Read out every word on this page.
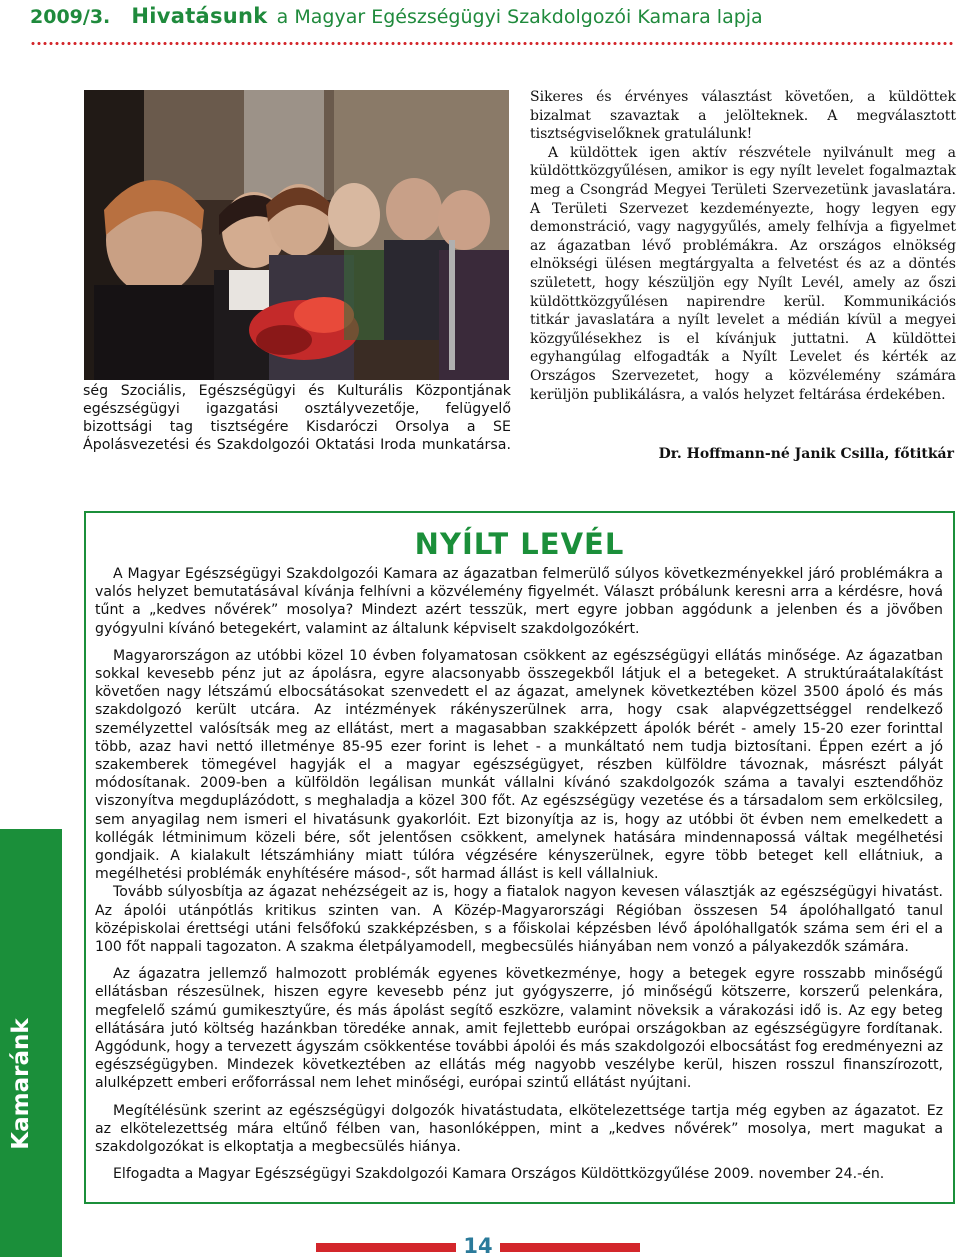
2009/3. Hivatásunk a Magyar Egészségügyi Szakdolgozói Kamara lapja
ség Szociális, Egészségügyi és Kulturális Központjának egészségügyi igazgatási osztályvezetője, felügyelő bizottsági tag tisztségére Kisdaróczi Orsolya a SE Ápolásvezetési és Szakdolgozói Oktatási Iroda munkatársa.

Sikeres és érvényes választást követően, a küldöttek bizalmat szavaztak a jelölteknek. A megválasztott tisztségviselőknek gratulálunk!

A küldöttek igen aktív részvétele nyilvánult meg a küldöttközgyűlésen, amikor is egy nyílt levelet fogalmaztak meg a Csongrád Megyei Területi Szervezetünk javaslatára. A Területi Szervezet kezdeményezte, hogy legyen egy demonstráció, vagy nagygyűlés, amely felhívja a figyelmet az ágazatban lévő problémákra. Az országos elnökség elnökségi ülésen megtárgyalta a felvetést és az a döntés született, hogy készüljön egy Nyílt Levél, amely az őszi küldöttközgyűlésen napirendre kerül. Kommunikációs titkár javaslatára a nyílt levelet a médián kívül a megyei közgyűlésekhez is el kívánjuk juttatni. A küldöttei egyhangúlag elfogadták a Nyílt Levelet és kérték az Országos Szervezetet, hogy a közvélemény számára kerüljön publikálásra, a valós helyzet feltárása érdekében.

Dr. Hoffmann-né Janik Csilla, főtitkár
Kamaránk
NYÍLT LEVÉL

A Magyar Egészségügyi Szakdolgozói Kamara az ágazatban felmerülő súlyos következményekkel járó problémákra a valós helyzet bemutatásával kívánja felhívni a közvélemény figyelmét. Választ próbálunk keresni arra a kérdésre, hová tűnt a „kedves nővérek” mosolya? Mindezt azért tesszük, mert egyre jobban aggódunk a jelenben és a jövőben gyógyulni kívánó betegekért, valamint az általunk képviselt szakdolgozókért.

Magyarországon az utóbbi közel 10 évben folyamatosan csökkent az egészségügyi ellátás minősége. Az ágazatban sokkal kevesebb pénz jut az ápolásra, egyre alacsonyabb összegekből látjuk el a betegeket. A struktúraátalakítást követően nagy létszámú elbocsátásokat szenvedett el az ágazat, amelynek következtében közel 3500 ápoló és más szakdolgozó került utcára. Az intézmények rákényszerülnek arra, hogy csak alapvégzettséggel rendelkező személyzettel valósítsák meg az ellátást, mert a magasabban szakképzett ápolók bérét - amely 15-20 ezer forinttal több, azaz havi nettó illetménye 85-95 ezer forint is lehet - a munkáltató nem tudja biztosítani. Éppen ezért a jó szakemberek tömegével hagyják el a magyar egészségügyet, részben külföldre távoznak, másrészt pályát módosítanak. 2009-ben a külföldön legálisan munkát vállalni kívánó szakdolgozók száma a tavalyi esztendőhöz viszonyítva megduplázódott, s meghaladja a közel 300 főt. Az egészségügy vezetése és a társadalom sem erkölcsileg, sem anyagilag nem ismeri el hivatásunk gyakorlóit. Ezt bizonyítja az is, hogy az utóbbi öt évben nem emelkedett a kollégák létminimum közeli bére, sőt jelentősen csökkent, amelynek hatására mindennapossá váltak megélhetési gondjaik. A kialakult létszámhiány miatt túlóra végzésére kényszerülnek, egyre több beteget kell ellátniuk, a megélhetési problémák enyhítésére másod-, sőt harmad állást is kell vállalniuk.

Tovább súlyosbítja az ágazat nehézségeit az is, hogy a fiatalok nagyon kevesen választják az egészségügyi hivatást. Az ápolói utánpótlás kritikus szinten van. A Közép-Magyarországi Régióban összesen 54 ápolóhallgató tanul középiskolai érettségi utáni felsőfokú szakképzésben, s a főiskolai képzésben lévő ápolóhallgatók száma sem éri el a 100 főt nappali tagozaton. A szakma életpályamodell, megbecsülés hiányában nem vonzó a pályakezdők számára.

Az ágazatra jellemző halmozott problémák egyenes következménye, hogy a betegek egyre rosszabb minőségű ellátásban részesülnek, hiszen egyre kevesebb pénz jut gyógyszerre, jó minőségű kötszerre, korszerű pelenkára, megfelelő számú gumikesztyűre, és más ápolást segítő eszközre, valamint növeksik a várakozási idő is. Az egy beteg ellátására jutó költség hazánkban töredéke annak, amit fejlettebb európai országokban az egészségügyre fordítanak. Aggódunk, hogy a tervezett ágyszám csökkentése további ápolói és más szakdolgozói elbocsátást fog eredményezni az egészségügyben. Mindezek következtében az ellátás még nagyobb veszélybe kerül, hiszen rosszul finanszírozott, alulképzett emberi erőforrással nem lehet minőségi, európai szintű ellátást nyújtani.

Megítélésünk szerint az egészségügyi dolgozók hivatástudata, elkötelezettsége tartja még egyben az ágazatot. Ez az elkötelezettség mára eltűnő félben van, hasonlóképpen, mint a „kedves nővérek” mosolya, mert magukat a szakdolgozókat is elkoptatja a megbecsülés hiánya.

Elfogadta a Magyar Egészségügyi Szakdolgozói Kamara Országos Küldöttközgyűlése 2009. november 24.-én.

14
